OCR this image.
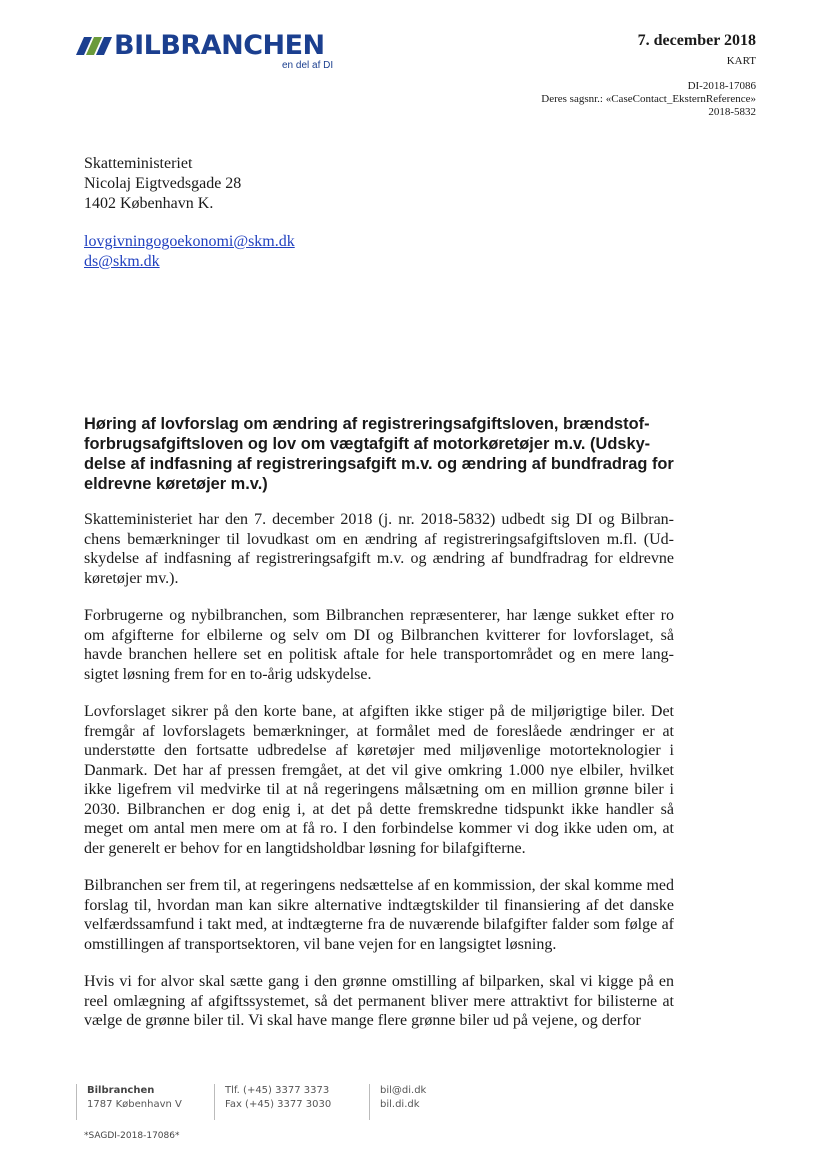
BILBRANCHEN
en del af DI
7. december 2018
KART
DI-2018-17086
Deres sagsnr.: «CaseContact_EksternReference»
2018-5832
Skatteministeriet
Nicolaj Eigtvedsgade 28
1402 København K.
lovgivningogoekonomi@skm.dk
ds@skm.dk
Høring af lovforslag om ændring af registreringsafgiftsloven, brændstof-forbrugsafgiftsloven og lov om vægtafgift af motorkøretøjer m.v. (Udsky-delse af indfasning af registreringsafgift m.v. og ændring af bundfradrag for eldrevne køretøjer m.v.)

Skatteministeriet har den 7. december 2018 (j. nr. 2018-5832) udbedt sig DI og Bilbran-chens bemærkninger til lovudkast om en ændring af registreringsafgiftsloven m.fl. (Ud-skydelse af indfasning af registreringsafgift m.v. og ændring af bundfradrag for eldrevne køretøjer mv.).

Forbrugerne og nybilbranchen, som Bilbranchen repræsenterer, har længe sukket efter ro om afgifterne for elbilerne og selv om DI og Bilbranchen kvitterer for lovforslaget, så havde branchen hellere set en politisk aftale for hele transportområdet og en mere lang-sigtet løsning frem for en to-årig udskydelse.

Lovforslaget sikrer på den korte bane, at afgiften ikke stiger på de miljørigtige biler. Det fremgår af lovforslagets bemærkninger, at formålet med de foreslåede ændringer er at understøtte den fortsatte udbredelse af køretøjer med miljøvenlige motorteknologier i Danmark. Det har af pressen fremgået, at det vil give omkring 1.000 nye elbiler, hvilket ikke ligefrem vil medvirke til at nå regeringens målsætning om en million grønne biler i 2030. Bilbranchen er dog enig i, at det på dette fremskredne tidspunkt ikke handler så meget om antal men mere om at få ro. I den forbindelse kommer vi dog ikke uden om, at der generelt er behov for en langtidsholdbar løsning for bilafgifterne.

Bilbranchen ser frem til, at regeringens nedsættelse af en kommission, der skal komme med forslag til, hvordan man kan sikre alternative indtægtskilder til finansiering af det danske velfærdssamfund i takt med, at indtægterne fra de nuværende bilafgifter falder som følge af omstillingen af transportsektoren, vil bane vejen for en langsigtet løsning.

Hvis vi for alvor skal sætte gang i den grønne omstilling af bilparken, skal vi kigge på en reel omlægning af afgiftssystemet, så det permanent bliver mere attraktivt for bilisterne at vælge de grønne biler til. Vi skal have mange flere grønne biler ud på vejene, og derfor

Bilbranchen
1787 København V
Tlf. (+45) 3377 3373
Fax (+45) 3377 3030
bil@di.dk
bil.di.dk
*SAGDI-2018-17086*
